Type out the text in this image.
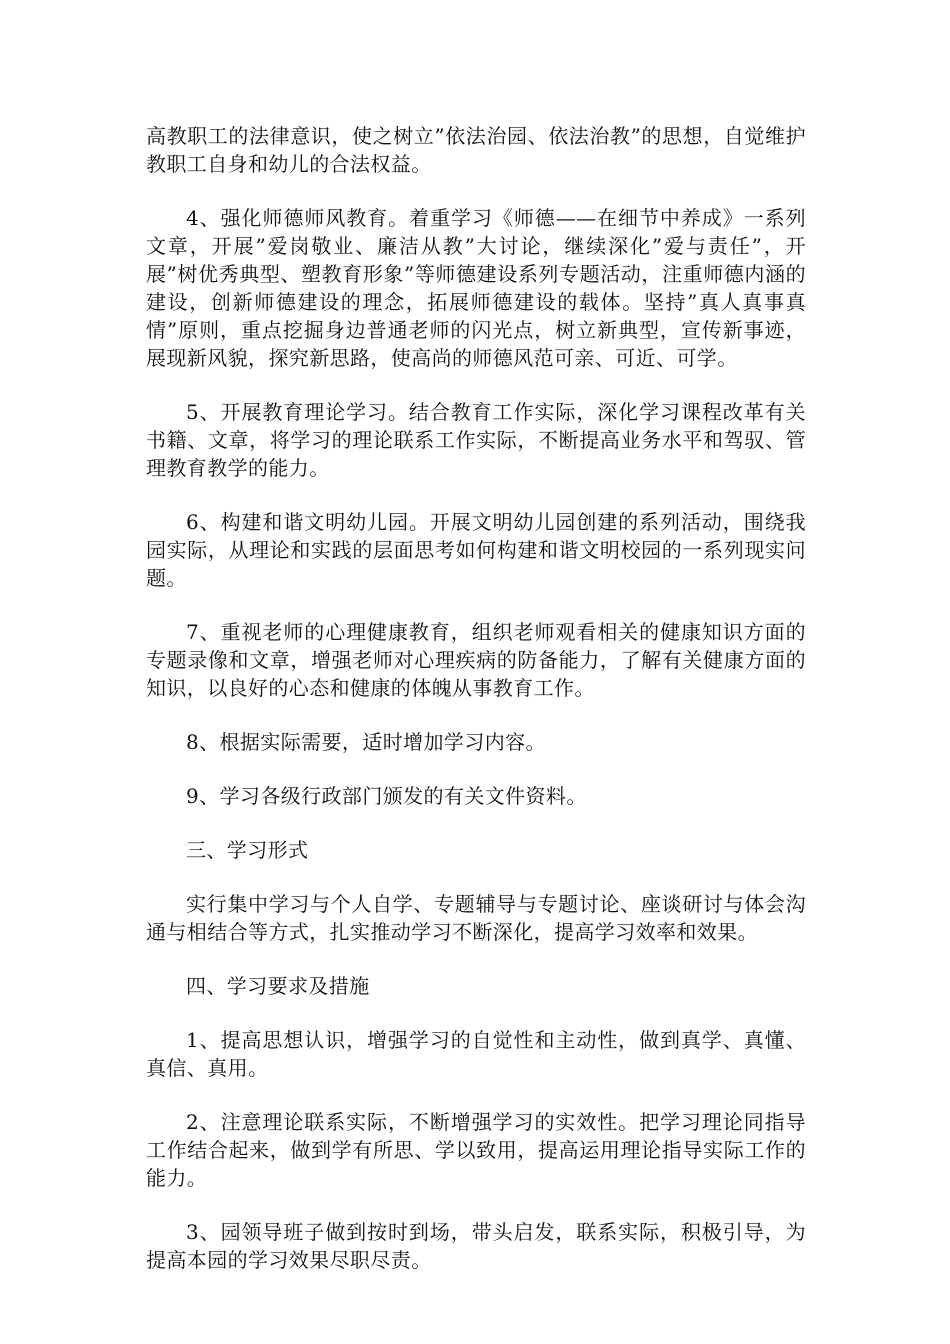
高教职工的法律意识，使之树立”依法治园、依法治教”的思想，自觉维护教职工自身和幼儿的合法权益。

4、强化师德师风教育。着重学习《师德——在细节中养成》一系列文章，开展”爱岗敬业、廉洁从教”大讨论，继续深化”爱与责任”，开展”树优秀典型、塑教育形象”等师德建设系列专题活动，注重师德内涵的建设，创新师德建设的理念，拓展师德建设的载体。坚持”真人真事真情”原则，重点挖掘身边普通老师的闪光点，树立新典型，宣传新事迹，展现新风貌，探究新思路，使高尚的师德风范可亲、可近、可学。

5、开展教育理论学习。结合教育工作实际，深化学习课程改革有关书籍、文章，将学习的理论联系工作实际，不断提高业务水平和驾驭、管理教育教学的能力。

6、构建和谐文明幼儿园。开展文明幼儿园创建的系列活动，围绕我园实际，从理论和实践的层面思考如何构建和谐文明校园的一系列现实问题。

7、重视老师的心理健康教育，组织老师观看相关的健康知识方面的专题录像和文章，增强老师对心理疾病的防备能力，了解有关健康方面的知识，以良好的心态和健康的体魄从事教育工作。

8、根据实际需要，适时增加学习内容。

9、学习各级行政部门颁发的有关文件资料。

三、学习形式

实行集中学习与个人自学、专题辅导与专题讨论、座谈研讨与体会沟通与相结合等方式，扎实推动学习不断深化，提高学习效率和效果。

四、学习要求及措施

1、提高思想认识，增强学习的自觉性和主动性，做到真学、真懂、真信、真用。

2、注意理论联系实际，不断增强学习的实效性。把学习理论同指导工作结合起来，做到学有所思、学以致用，提高运用理论指导实际工作的能力。

3、园领导班子做到按时到场，带头启发，联系实际，积极引导，为提高本园的学习效果尽职尽责。
